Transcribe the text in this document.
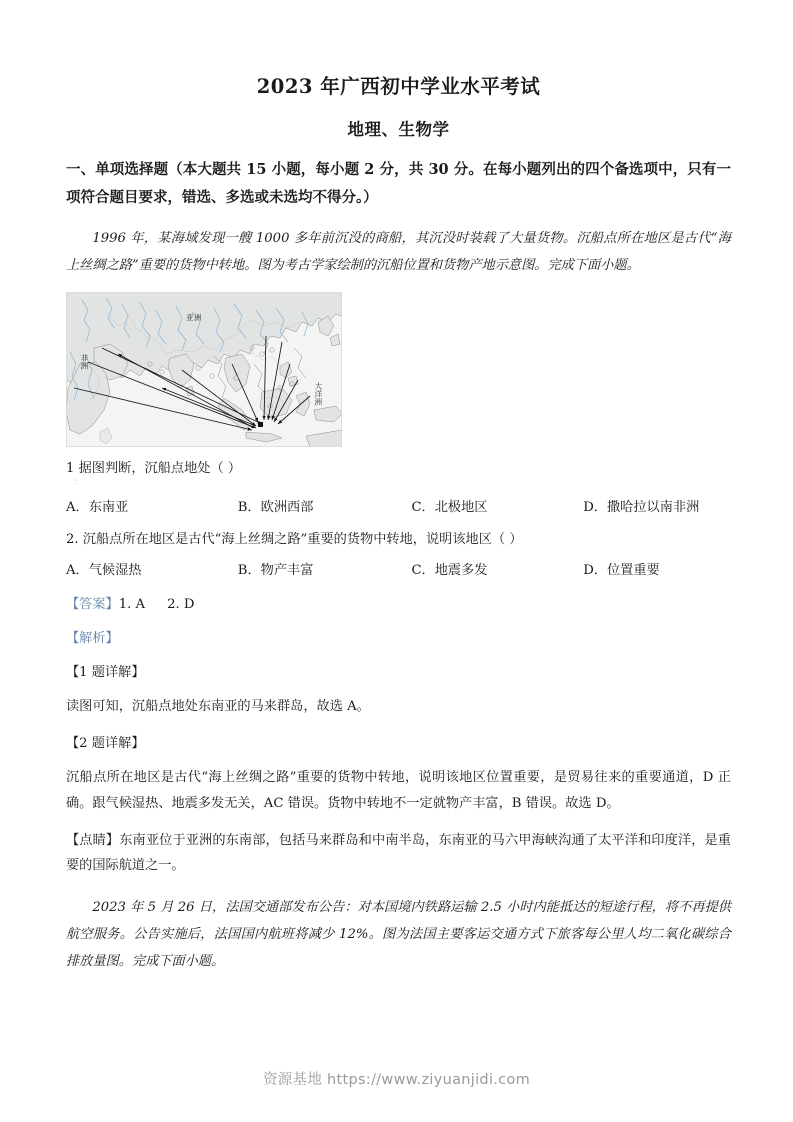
2023 年广西初中学业水平考试
地理、生物学

一、单项选择题（本大题共 15 小题，每小题 2 分，共 30 分。在每小题列出的四个备选项中，只有一项符合题目要求，错选、多选或未选均不得分。）

1996 年，某海域发现一艘 1000 多年前沉没的商船，其沉没时装载了大量货物。沉船点所在地区是古代“海上丝绸之路”重要的货物中转地。图为考古学家绘制的沉船位置和货物产地示意图。完成下面小题。

亚洲
非洲
大洋洲

1 据图判断，沉船点地处（ ）

：
A．东南亚	B．欧洲西部	C．北极地区	D．撒哈拉以南非洲

2. 沉船点所在地区是古代“海上丝绸之路”重要的货物中转地，说明该地区（ ）

A．气候湿热	B．物产丰富	C．地震多发	D．位置重要

【答案】1. A 2. D

【解析】

【1 题详解】

读图可知，沉船点地处东南亚的马来群岛，故选 A。

【2 题详解】

沉船点所在地区是古代“海上丝绸之路”重要的货物中转地，说明该地区位置重要，是贸易往来的重要通道，D 正确。跟气候湿热、地震多发无关，AC 错误。货物中转地不一定就物产丰富，B 错误。故选 D。

【点睛】东南亚位于亚洲的东南部，包括马来群岛和中南半岛，东南亚的马六甲海峡沟通了太平洋和印度洋，是重要的国际航道之一。

2023 年 5 月 26 日，法国交通部发布公告：对本国境内铁路运输 2.5 小时内能抵达的短途行程，将不再提供航空服务。公告实施后，法国国内航班将减少 12%。图为法国主要客运交通方式下旅客每公里人均二氧化碳综合排放量图。完成下面小题。

资源基地 https://www.ziyuanjidi.com
